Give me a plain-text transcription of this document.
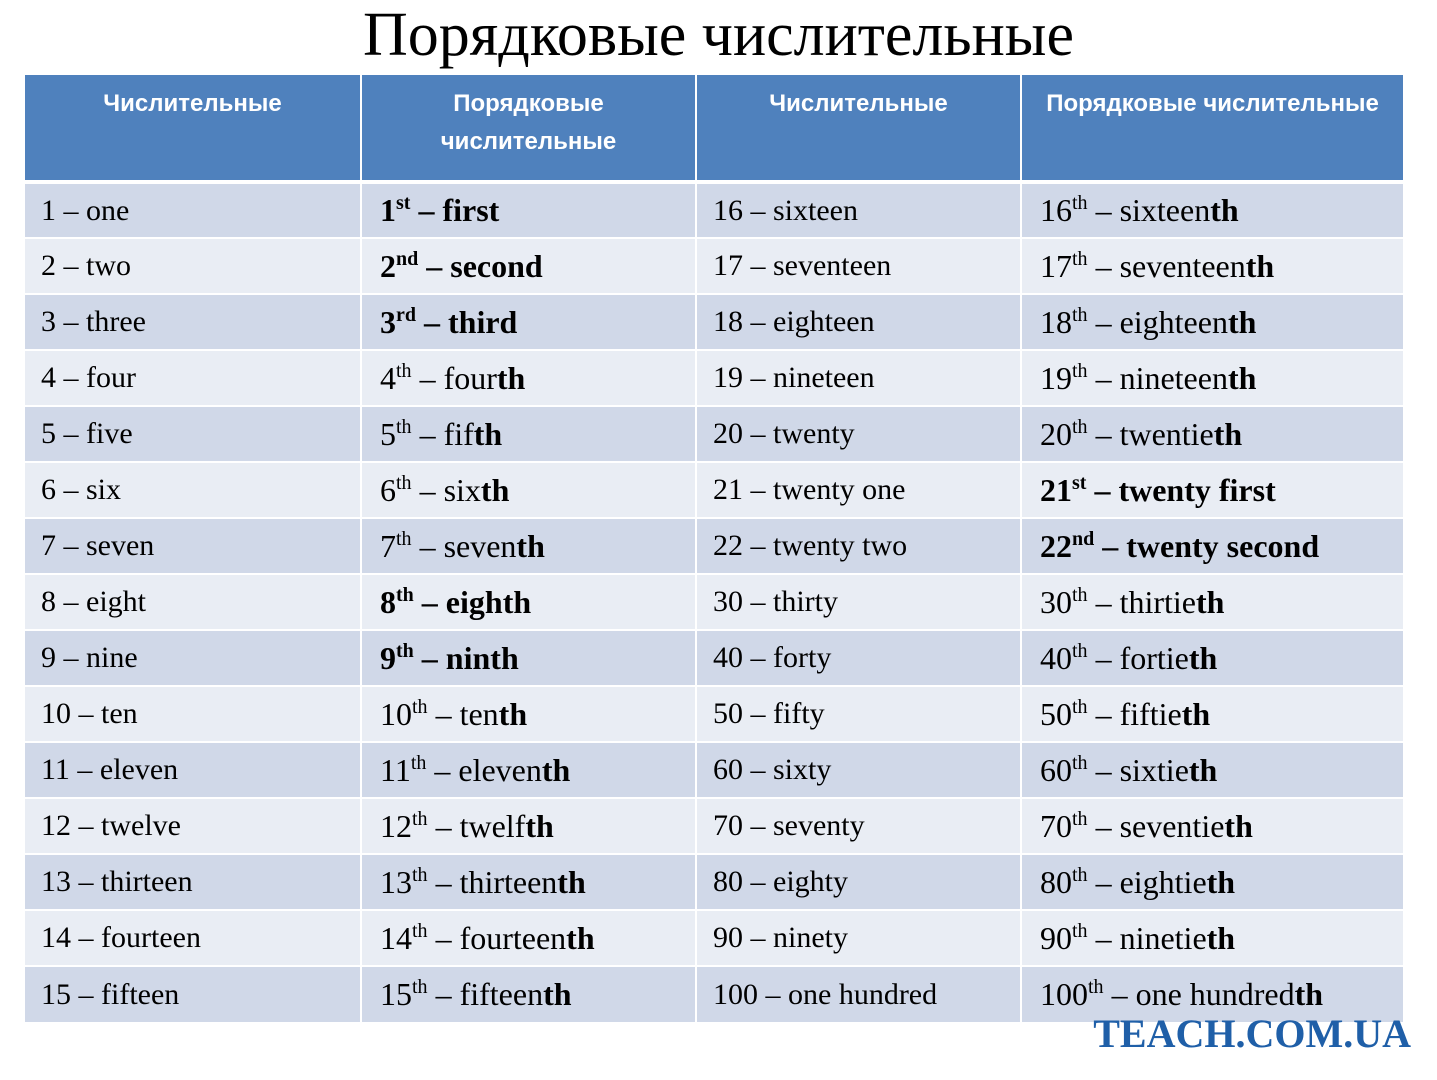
Порядковые числительные
Числительные	Порядковые числительные	Числительные	Порядковые числительные
1 – one	1st – first	16 – sixteen	16th – sixteenth
2 – two	2nd – second	17 – seventeen	17th – seventeenth
3 – three	3rd – third	18 – eighteen	18th – eighteenth
4 – four	4th – fourth	19 – nineteen	19th – nineteenth
5 – five	5th – fifth	20 – twenty	20th – twentieth
6 – six	6th – sixth	21 – twenty one	21st – twenty first
7 – seven	7th – seventh	22 – twenty two	22nd – twenty second
8 – eight	8th – eighth	30 – thirty	30th – thirtieth
9 – nine	9th – ninth	40 – forty	40th – fortieth
10 – ten	10th – tenth	50 – fifty	50th – fiftieth
11 – eleven	11th – eleventh	60 – sixty	60th – sixtieth
12 – twelve	12th – twelfth	70 – seventy	70th – seventieth
13 – thirteen	13th – thirteenth	80 – eighty	80th – eightieth
14 – fourteen	14th – fourteenth	90 – ninety	90th – ninetieth
15 – fifteen	15th – fifteenth	100 – one hundred	100th – one hundredth
TEACH.COM.UA
